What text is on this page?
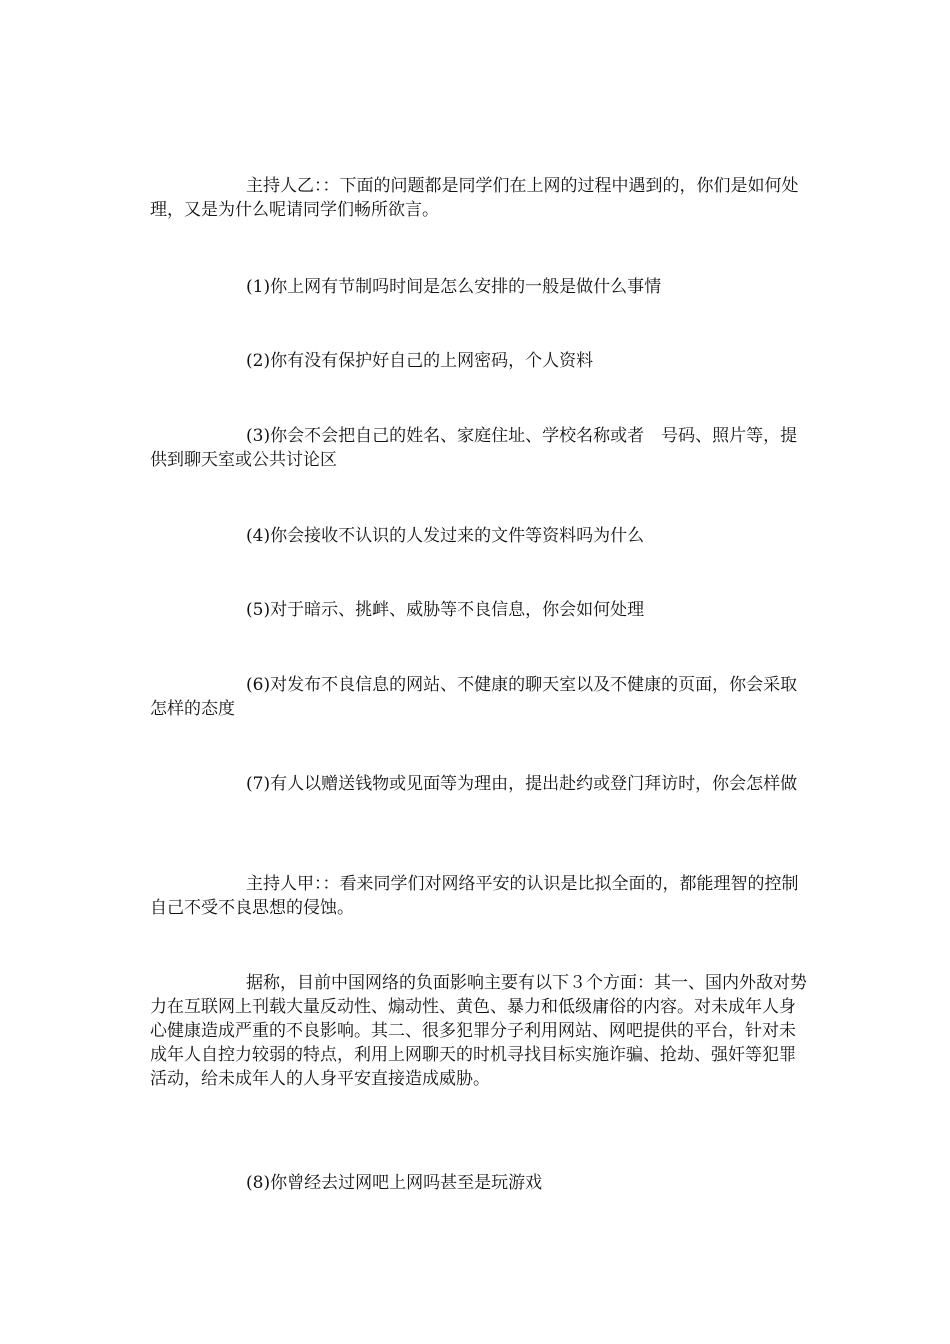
主持人乙：：下面的问题都是同学们在上网的过程中遇到的，你们是如何处理，又是为什么呢请同学们畅所欲言。

(1)你上网有节制吗时间是怎么安排的一般是做什么事情

(2)你有没有保护好自己的上网密码，个人资料

(3)你会不会把自己的姓名、家庭住址、学校名称或者　号码、照片等，提供到聊天室或公共讨论区

(4)你会接收不认识的人发过来的文件等资料吗为什么

(5)对于暗示、挑衅、威胁等不良信息，你会如何处理

(6)对发布不良信息的网站、不健康的聊天室以及不健康的页面，你会采取怎样的态度

(7)有人以赠送钱物或见面等为理由，提出赴约或登门拜访时，你会怎样做

主持人甲：：看来同学们对网络平安的认识是比拟全面的，都能理智的控制自己不受不良思想的侵蚀。

据称，目前中国网络的负面影响主要有以下３个方面：其一、国内外敌对势力在互联网上刊载大量反动性、煽动性、黄色、暴力和低级庸俗的内容。对未成年人身心健康造成严重的不良影响。其二、很多犯罪分子利用网站、网吧提供的平台，针对未成年人自控力较弱的特点，利用上网聊天的时机寻找目标实施诈骗、抢劫、强奸等犯罪活动，给未成年人的人身平安直接造成威胁。

(8)你曾经去过网吧上网吗甚至是玩游戏
